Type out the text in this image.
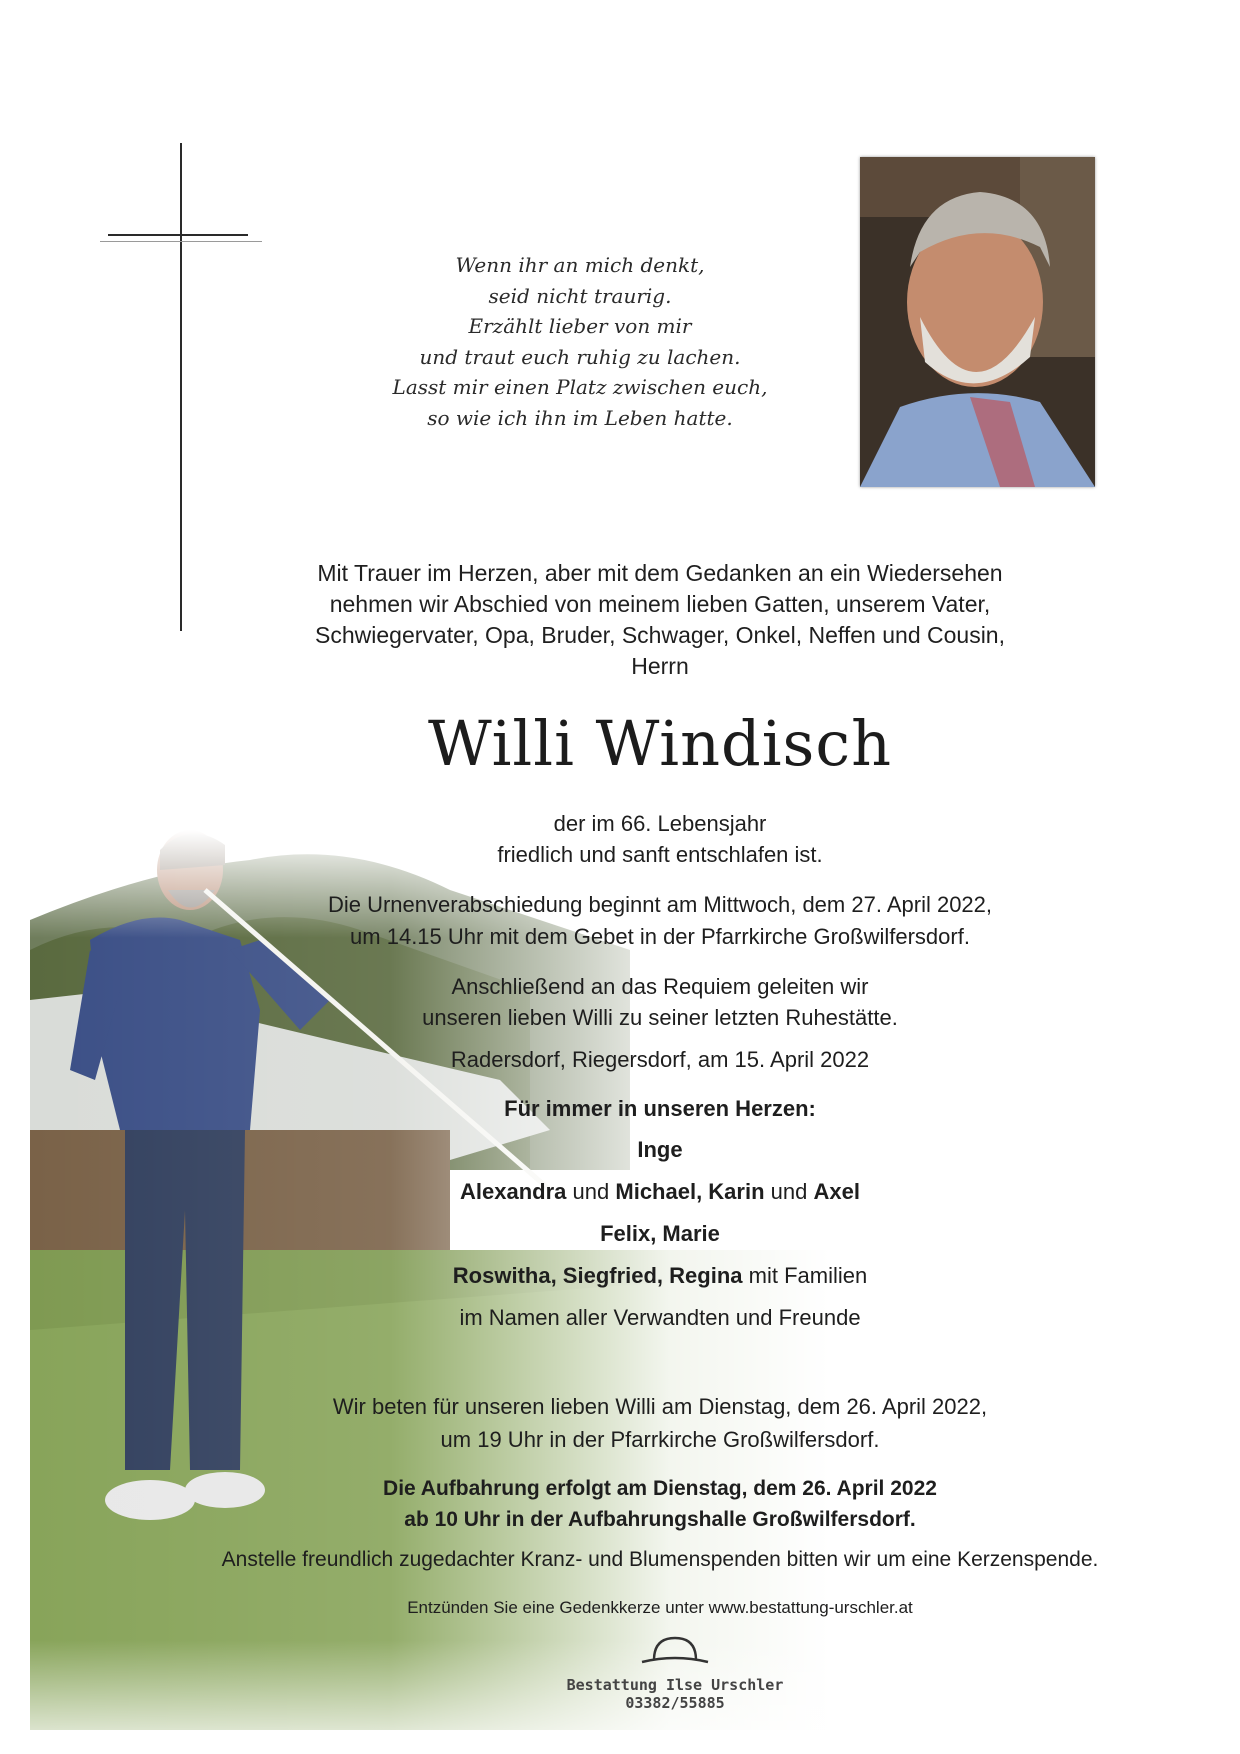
Wenn ihr an mich denkt,
seid nicht traurig.
Erzählt lieber von mir
und traut euch ruhig zu lachen.
Lasst mir einen Platz zwischen euch,
so wie ich ihn im Leben hatte.
Mit Trauer im Herzen, aber mit dem Gedanken an ein Wiedersehen
nehmen wir Abschied von meinem lieben Gatten, unserem Vater,
Schwiegervater, Opa, Bruder, Schwager, Onkel, Neffen und Cousin,
Herrn
Willi Windisch
der im 66. Lebensjahr
friedlich und sanft entschlafen ist.
Die Urnenverabschiedung beginnt am Mittwoch, dem 27. April 2022,
um 14.15 Uhr mit dem Gebet in der Pfarrkirche Großwilfersdorf.
Anschließend an das Requiem geleiten wir
unseren lieben Willi zu seiner letzten Ruhestätte.
Radersdorf, Riegersdorf, am 15. April 2022
Für immer in unseren Herzen:
Inge
Alexandra und Michael, Karin und Axel
Felix, Marie
Roswitha, Siegfried, Regina mit Familien
im Namen aller Verwandten und Freunde
Wir beten für unseren lieben Willi am Dienstag, dem 26. April 2022,
um 19 Uhr in der Pfarrkirche Großwilfersdorf.
Die Aufbahrung erfolgt am Dienstag, dem 26. April 2022
ab 10 Uhr in der Aufbahrungshalle Großwilfersdorf.
Anstelle freundlich zugedachter Kranz- und Blumenspenden bitten wir um eine Kerzenspende.
Entzünden Sie eine Gedenkkerze unter www.bestattung-urschler.at
Bestattung Ilse Urschler
03382/55885
